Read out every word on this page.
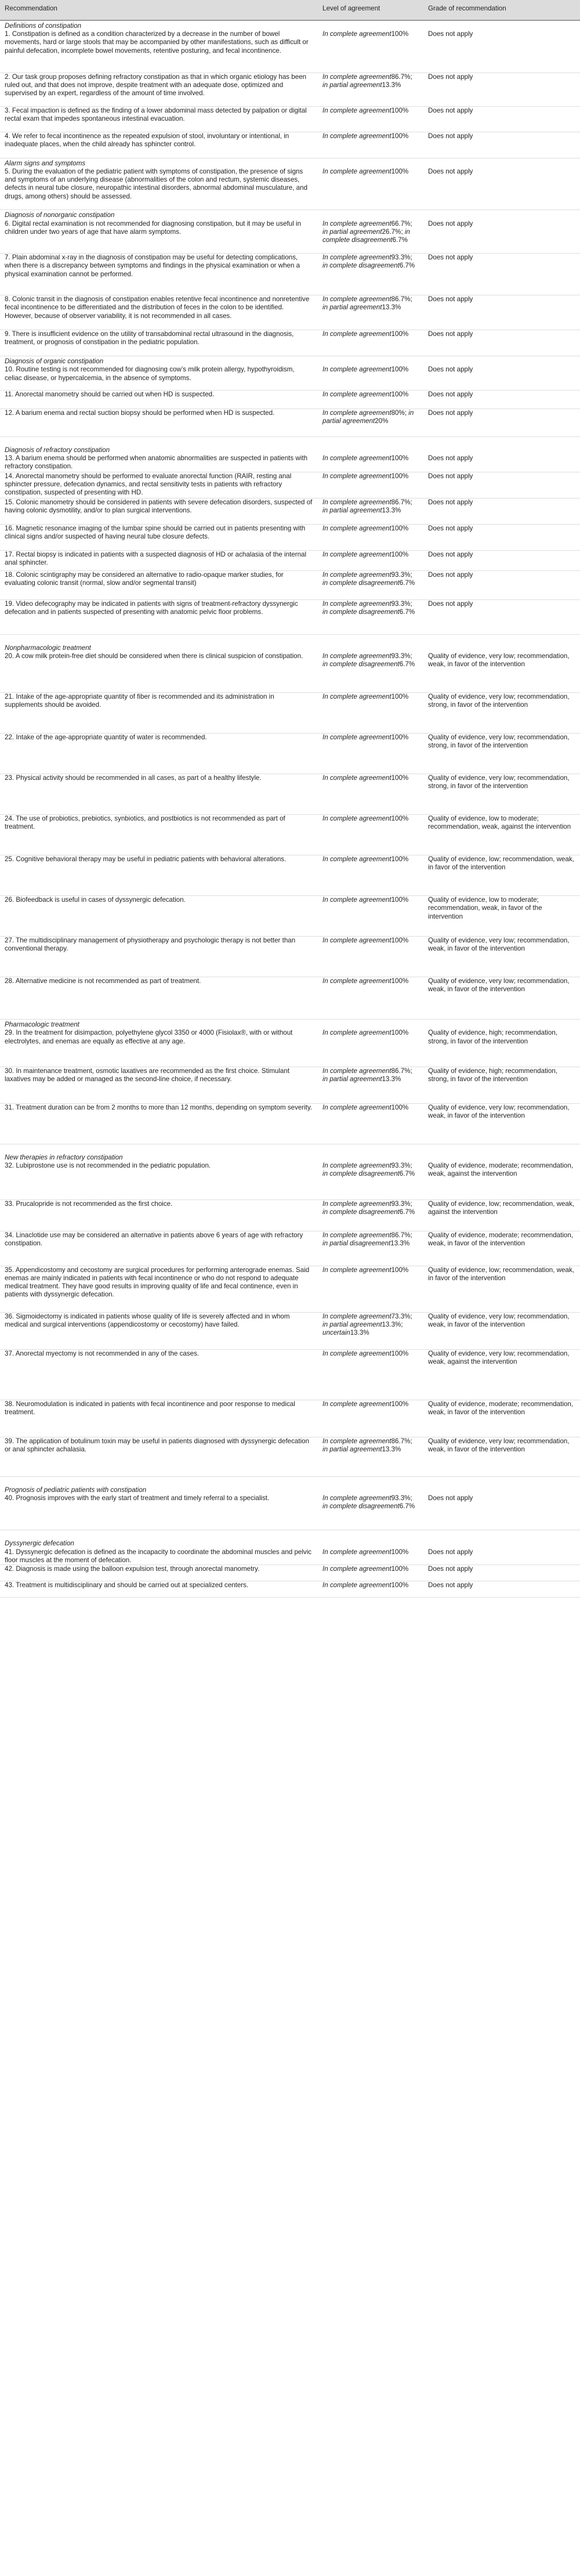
Recommendation	Level of agreement	Grade of recommendation
Definitions of constipation		
1. Constipation is defined as a condition characterized by a decrease in the number of bowel movements, hard or large stools that may be accompanied by other manifestations, such as difficult or painful defecation, incomplete bowel movements, retentive posturing, and fecal incontinence.	In complete agreement100%	Does not apply
2. Our task group proposes defining refractory constipation as that in which organic etiology has been ruled out, and that does not improve, despite treatment with an adequate dose, optimized and supervised by an expert, regardless of the amount of time involved.	In complete agreement86.7%; in partial agreement13.3%	Does not apply
3. Fecal impaction is defined as the finding of a lower abdominal mass detected by palpation or digital rectal exam that impedes spontaneous intestinal evacuation.	In complete agreement100%	Does not apply
4. We refer to fecal incontinence as the repeated expulsion of stool, involuntary or intentional, in inadequate places, when the child already has sphincter control.	In complete agreement100%	Does not apply
Alarm signs and symptoms		
5. During the evaluation of the pediatric patient with symptoms of constipation, the presence of signs and symptoms of an underlying disease (abnormalities of the colon and rectum, systemic diseases, defects in neural tube closure, neuropathic intestinal disorders, abnormal abdominal musculature, and drugs, among others) should be assessed.	In complete agreement100%	Does not apply
Diagnosis of nonorganic constipation		
6. Digital rectal examination is not recommended for diagnosing constipation, but it may be useful in children under two years of age that have alarm symptoms.	In complete agreement66.7%; in partial agreement26.7%; in complete disagreement6.7%	Does not apply
7. Plain abdominal x-ray in the diagnosis of constipation may be useful for detecting complications, when there is a discrepancy between symptoms and findings in the physical examination or when a physical examination cannot be performed.	In complete agreement93.3%; in complete disagreement6.7%	Does not apply
8. Colonic transit in the diagnosis of constipation enables retentive fecal incontinence and nonretentive fecal incontinence to be differentiated and the distribution of feces in the colon to be identified. However, because of observer variability, it is not recommended in all cases.	In complete agreement86.7%; in partial agreement13.3%	Does not apply
9. There is insufficient evidence on the utility of transabdominal rectal ultrasound in the diagnosis, treatment, or prognosis of constipation in the pediatric population.	In complete agreement100%	Does not apply
Diagnosis of organic constipation		
10. Routine testing is not recommended for diagnosing cow’s milk protein allergy, hypothyroidism, celiac disease, or hypercalcemia, in the absence of symptoms.	In complete agreement100%	Does not apply
11. Anorectal manometry should be carried out when HD is suspected.	In complete agreement100%	Does not apply
12. A barium enema and rectal suction biopsy should be performed when HD is suspected.	In complete agreement80%; in partial agreement20%	Does not apply
Diagnosis of refractory constipation		
13. A barium enema should be performed when anatomic abnormalities are suspected in patients with refractory constipation.	In complete agreement100%	Does not apply
14. Anorectal manometry should be performed to evaluate anorectal function (RAIR, resting anal sphincter pressure, defecation dynamics, and rectal sensitivity tests in patients with refractory constipation, suspected of presenting with HD.	In complete agreement100%	Does not apply
15. Colonic manometry should be considered in patients with severe defecation disorders, suspected of having colonic dysmotility, and/or to plan surgical interventions.	In complete agreement86.7%; in partial agreement13.3%	Does not apply
16. Magnetic resonance imaging of the lumbar spine should be carried out in patients presenting with clinical signs and/or suspected of having neural tube closure defects.	In complete agreement100%	Does not apply
17. Rectal biopsy is indicated in patients with a suspected diagnosis of HD or achalasia of the internal anal sphincter.	In complete agreement100%	Does not apply
18. Colonic scintigraphy may be considered an alternative to radio-opaque marker studies, for evaluating colonic transit (normal, slow and/or segmental transit)	In complete agreement93.3%; in complete disagreement6.7%	Does not apply
19. Video defecography may be indicated in patients with signs of treatment-refractory dyssynergic defecation and in patients suspected of presenting with anatomic pelvic floor problems.	In complete agreement93.3%; in complete disagreement6.7%	Does not apply
Nonpharmacologic treatment		
20. A cow milk protein-free diet should be considered when there is clinical suspicion of constipation.	In complete agreement93.3%; in complete disagreement6.7%	Quality of evidence, very low; recommendation, weak, in favor of the intervention
21. Intake of the age-appropriate quantity of fiber is recommended and its administration in supplements should be avoided.	In complete agreement100%	Quality of evidence, very low; recommendation, strong, in favor of the intervention
22. Intake of the age-appropriate quantity of water is recommended.	In complete agreement100%	Quality of evidence, very low; recommendation, strong, in favor of the intervention
23. Physical activity should be recommended in all cases, as part of a healthy lifestyle.	In complete agreement100%	Quality of evidence, very low; recommendation, strong, in favor of the intervention
24. The use of probiotics, prebiotics, synbiotics, and postbiotics is not recommended as part of treatment.	In complete agreement100%	Quality of evidence, low to moderate; recommendation, weak, against the intervention
25. Cognitive behavioral therapy may be useful in pediatric patients with behavioral alterations.	In complete agreement100%	Quality of evidence, low; recommendation, weak, in favor of the intervention
26. Biofeedback is useful in cases of dyssynergic defecation.	In complete agreement100%	Quality of evidence, low to moderate; recommendation, weak, in favor of the intervention
27. The multidisciplinary management of physiotherapy and psychologic therapy is not better than conventional therapy.	In complete agreement100%	Quality of evidence, very low; recommendation, weak, in favor of the intervention
28. Alternative medicine is not recommended as part of treatment.	In complete agreement100%	Quality of evidence, very low; recommendation, weak, in favor of the intervention
Pharmacologic treatment		
29. In the treatment for disimpaction, polyethylene glycol 3350 or 4000 (Fisiolax®, with or without electrolytes, and enemas are equally as effective at any age.	In complete agreement100%	Quality of evidence, high; recommendation, strong, in favor of the intervention
30. In maintenance treatment, osmotic laxatives are recommended as the first choice. Stimulant laxatives may be added or managed as the second-line choice, if necessary.	In complete agreement86.7%; in partial agreement13.3%	Quality of evidence, high; recommendation, strong, in favor of the intervention
31. Treatment duration can be from 2 months to more than 12 months, depending on symptom severity.	In complete agreement100%	Quality of evidence, very low; recommendation, weak, in favor of the intervention
New therapies in refractory constipation		
32. Lubiprostone use is not recommended in the pediatric population.	In complete agreement93.3%; in complete disagreement6.7%	Quality of evidence, moderate; recommendation, weak, against the intervention
33. Prucalopride is not recommended as the first choice.	In complete agreement93.3%; in complete disagreement6.7%	Quality of evidence, low; recommendation, weak, against the intervention
34. Linaclotide use may be considered an alternative in patients above 6 years of age with refractory constipation.	In complete agreement86.7%; in partial disagreement13.3%	Quality of evidence, moderate; recommendation, weak, in favor of the intervention
35. Appendicostomy and cecostomy are surgical procedures for performing anterograde enemas. Said enemas are mainly indicated in patients with fecal incontinence or who do not respond to adequate medical treatment. They have good results in improving quality of life and fecal continence, even in patients with dyssynergic defecation.	In complete agreement100%	Quality of evidence, low; recommendation, weak, in favor of the intervention
36. Sigmoidectomy is indicated in patients whose quality of life is severely affected and in whom medical and surgical interventions (appendicostomy or cecostomy) have failed.	In complete agreement73.3%; in partial agreement13.3%; uncertain13.3%	Quality of evidence, very low; recommendation, weak, in favor of the intervention
37. Anorectal myectomy is not recommended in any of the cases.	In complete agreement100%	Quality of evidence, very low; recommendation, weak, against the intervention
38. Neuromodulation is indicated in patients with fecal incontinence and poor response to medical treatment.	In complete agreement100%	Quality of evidence, moderate; recommendation, weak, in favor of the intervention
39. The application of botulinum toxin may be useful in patients diagnosed with dyssynergic defecation or anal sphincter achalasia.	In complete agreement86.7%; in partial agreement13.3%	Quality of evidence, very low; recommendation, weak, in favor of the intervention
Prognosis of pediatric patients with constipation		
40. Prognosis improves with the early start of treatment and timely referral to a specialist.	In complete agreement93.3%; in complete disagreement6.7%	Does not apply
Dyssynergic defecation		
41. Dyssynergic defecation is defined as the incapacity to coordinate the abdominal muscles and pelvic floor muscles at the moment of defecation.	In complete agreement100%	Does not apply
42. Diagnosis is made using the balloon expulsion test, through anorectal manometry.	In complete agreement100%	Does not apply
43. Treatment is multidisciplinary and should be carried out at specialized centers.	In complete agreement100%	Does not apply
